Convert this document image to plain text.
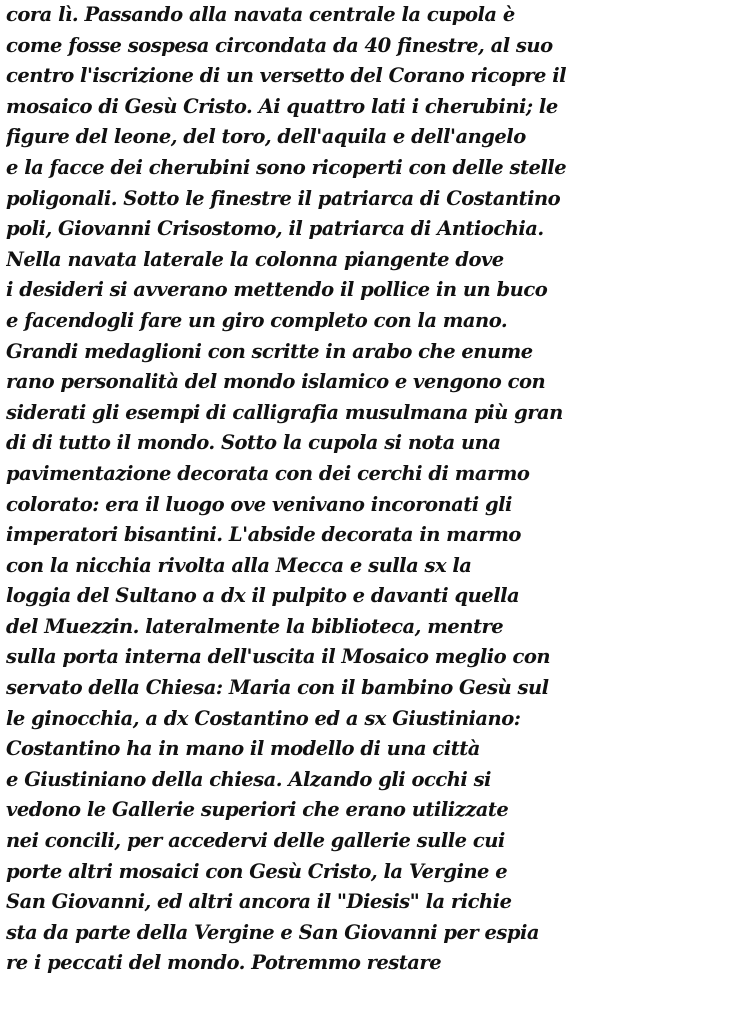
cora lì. Passando alla navata centrale la cupola è
come fosse sospesa circondata da 40 finestre, al suo
centro l'iscrizione di un versetto del Corano ricopre il
mosaico di Gesù Cristo. Ai quattro lati i cherubini; le
figure del leone, del toro, dell'aquila e dell'angelo
e la facce dei cherubini sono ricoperti con delle stelle
poligonali. Sotto le finestre il patriarca di Costantino
poli, Giovanni Crisostomo, il patriarca di Antiochia.
Nella navata laterale la colonna piangente dove
i desideri si avverano mettendo il pollice in un buco
e facendogli fare un giro completo con la mano.
Grandi medaglioni con scritte in arabo che enume
rano personalità del mondo islamico e vengono con
siderati gli esempi di calligrafia musulmana più gran
di di tutto il mondo. Sotto la cupola si nota una
pavimentazione decorata con dei cerchi di marmo
colorato: era il luogo ove venivano incoronati gli
imperatori bisantini. L'abside decorata in marmo
con la nicchia rivolta alla Mecca e sulla sx la
loggia del Sultano a dx il pulpito e davanti quella
del Muezzin. lateralmente la biblioteca, mentre
sulla porta interna dell'uscita il Mosaico meglio con
servato della Chiesa: Maria con il bambino Gesù sul
le ginocchia, a dx Costantino ed a sx Giustiniano:
Costantino ha in mano il modello di una città
e Giustiniano della chiesa. Alzando gli occhi si
vedono le Gallerie superiori che erano utilizzate
nei concili, per accedervi delle gallerie sulle cui
porte altri mosaici con Gesù Cristo, la Vergine e
San Giovanni, ed altri ancora il "Diesis" la richie
sta da parte della Vergine e San Giovanni per espia
re i peccati del mondo. Potremmo restare
